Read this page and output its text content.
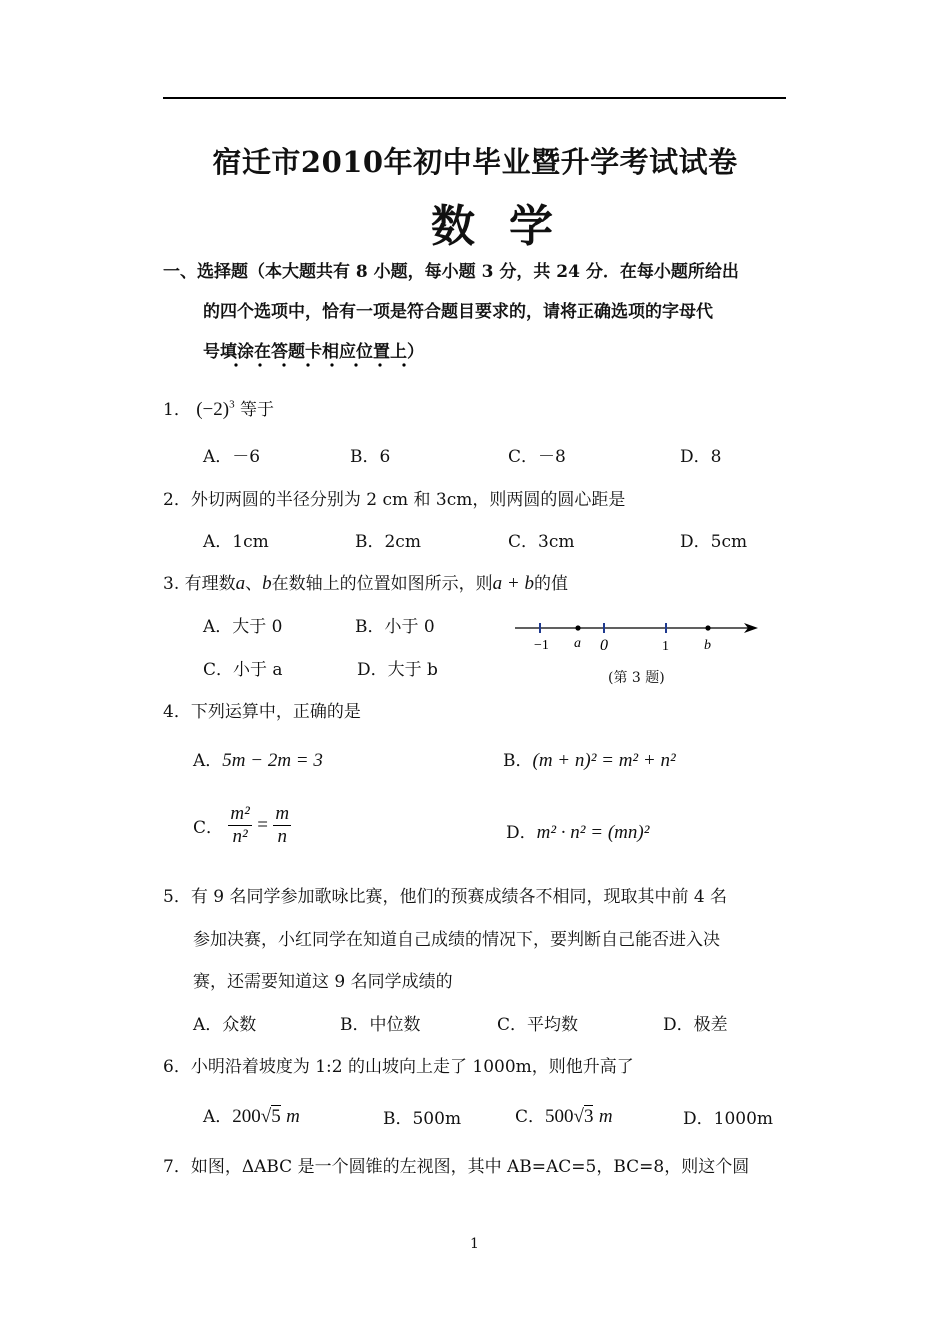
宿迁市2010年初中毕业暨升学考试试卷
数学
一、选择题（本大题共有 8 小题，每小题 3 分，共 24 分．在每小题所给出
的四个选项中，恰有一项是符合题目要求的，请将正确选项的字母代
号填涂在答题卡相应位置上）
1． $(-2)^3$ 等于
A．－6	B．6	C．－8	D．8
2．外切两圆的半径分别为 2 cm 和 3cm，则两圆的圆心距是
A．1cm	B．2cm	C．3cm	D．5cm
3. 有理数a、b在数轴上的位置如图所示，则a + b的值
A．大于 0	B．小于 0
C．小于 a	D．大于 b
−1 a 0	1	b
(第 3 题)
4．下列运算中，正确的是
A．5m − 2m = 3	B．(m + n)² = m² + n²
C． $\frac{\text{m²}}{\text{n²}} = \frac{m}{n}$	D．m² · n² = (mn)²
5．有 9 名同学参加歌咏比赛，他们的预赛成绩各不相同，现取其中前 4 名
参加决赛，小红同学在知道自己成绩的情况下，要判断自己能否进入决
赛，还需要知道这 9 名同学成绩的
A．众数	B．中位数	C．平均数	D．极差
6．小明沿着坡度为 1:2 的山坡向上走了 1000m，则他升高了
A．200√5 m	B．500m	C．500√3 m	D．1000m
7．如图，ΔABC 是一个圆锥的左视图，其中 AB=AC=5，BC=8，则这个圆
1
